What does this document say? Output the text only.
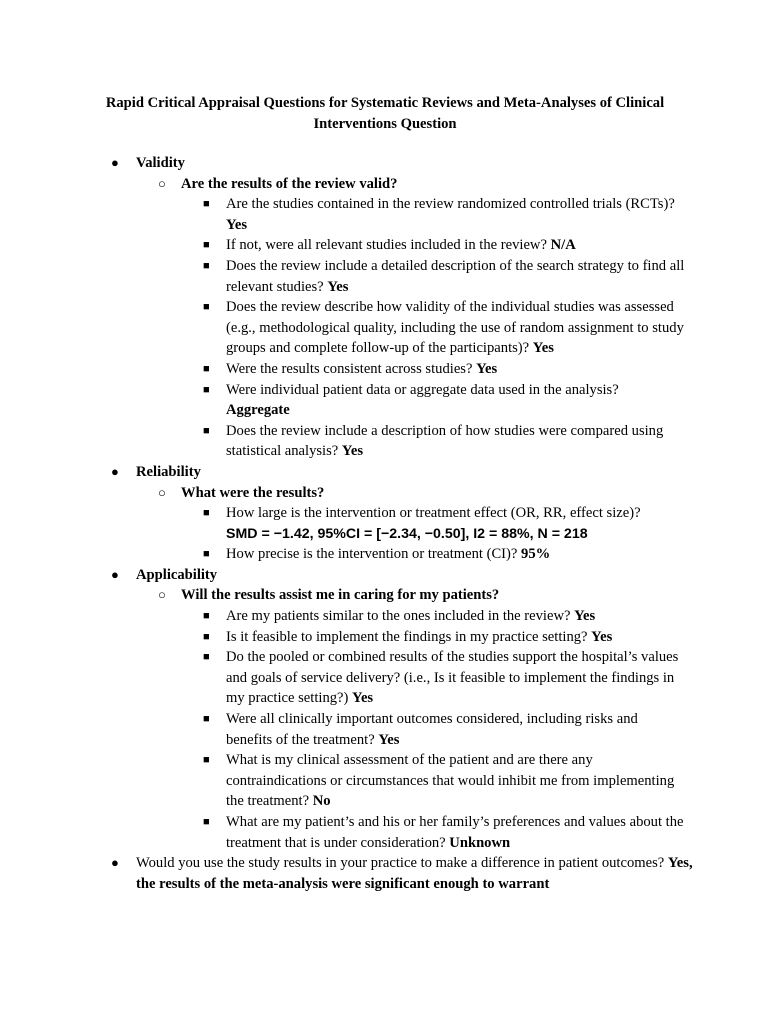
Rapid Critical Appraisal Questions for Systematic Reviews and Meta-Analyses of Clinical Interventions Question
● Validity
○ Are the results of the review valid?
■ Are the studies contained in the review randomized controlled trials (RCTs)? Yes
■ If not, were all relevant studies included in the review? N/A
■ Does the review include a detailed description of the search strategy to find all relevant studies? Yes
■ Does the review describe how validity of the individual studies was assessed (e.g., methodological quality, including the use of random assignment to study groups and complete follow-up of the participants)? Yes
■ Were the results consistent across studies? Yes
■ Were individual patient data or aggregate data used in the analysis? Aggregate
■ Does the review include a description of how studies were compared using statistical analysis? Yes
● Reliability
○ What were the results?
■ How large is the intervention or treatment effect (OR, RR, effect size)?
SMD = −1.42, 95%CI = [−2.34, −0.50], I2 = 88%, N = 218
■ How precise is the intervention or treatment (CI)? 95%
● Applicability
○ Will the results assist me in caring for my patients?
■ Are my patients similar to the ones included in the review? Yes
■ Is it feasible to implement the findings in my practice setting? Yes
■ Do the pooled or combined results of the studies support the hospital’s values and goals of service delivery? (i.e., Is it feasible to implement the findings in my practice setting?) Yes
■ Were all clinically important outcomes considered, including risks and benefits of the treatment? Yes
■ What is my clinical assessment of the patient and are there any contraindications or circumstances that would inhibit me from implementing the treatment? No
■ What are my patient’s and his or her family’s preferences and values about the treatment that is under consideration? Unknown
● Would you use the study results in your practice to make a difference in patient outcomes? Yes, the results of the meta-analysis were significant enough to warrant
